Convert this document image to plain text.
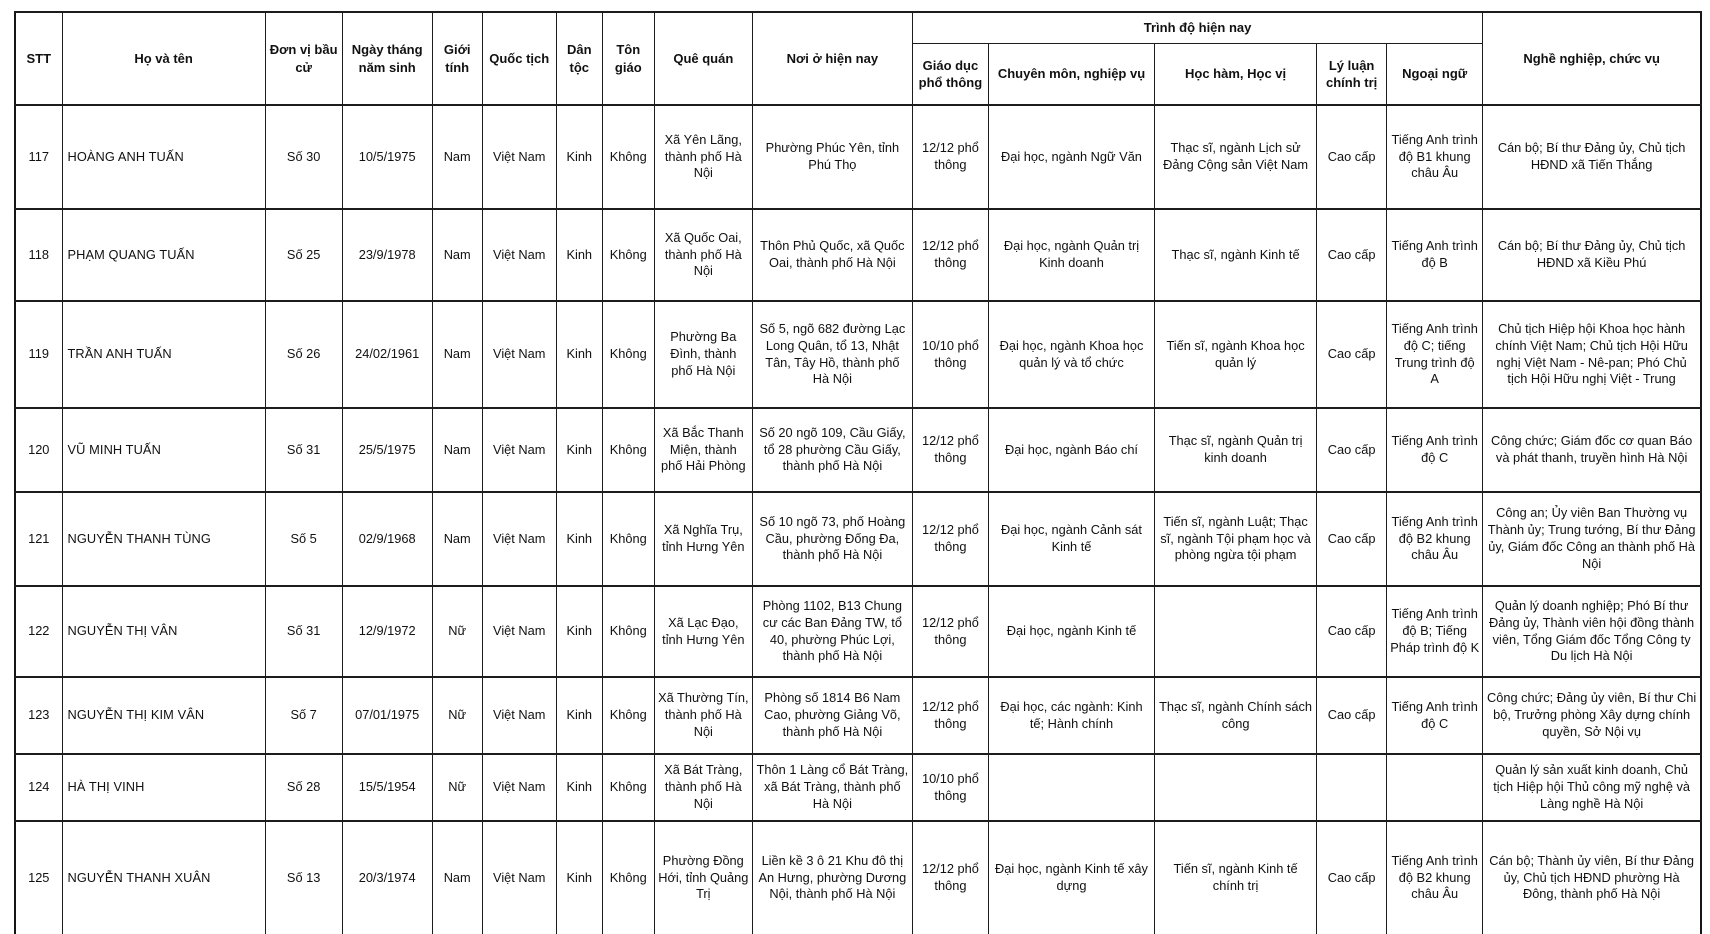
STT	Họ và tên	Đơn vị bầu cử	Ngày tháng năm sinh	Giới tính	Quốc tịch	Dân tộc	Tôn giáo	Quê quán	Nơi ở hiện nay	Trình độ hiện nay					Nghề nghiệp, chức vụ
										Giáo dục phổ thông	Chuyên môn, nghiệp vụ	Học hàm, Học vị	Lý luận chính trị	Ngoại ngữ	
117	HOÀNG ANH TUẤN	Số 30	10/5/1975	Nam	Việt Nam	Kinh	Không	Xã Yên Lãng, thành phố Hà Nội	Phường Phúc Yên, tỉnh Phú Thọ	12/12 phổ thông	Đại học, ngành Ngữ Văn	Thạc sĩ, ngành Lịch sử Đảng Cộng sản Việt Nam	Cao cấp	Tiếng Anh trình độ B1 khung châu Âu	Cán bộ; Bí thư Đảng ủy, Chủ tịch HĐND xã Tiến Thắng
118	PHẠM QUANG TUẤN	Số 25	23/9/1978	Nam	Việt Nam	Kinh	Không	Xã Quốc Oai, thành phố Hà Nội	Thôn Phủ Quốc, xã Quốc Oai, thành phố Hà Nội	12/12 phổ thông	Đại học, ngành Quản trị Kinh doanh	Thạc sĩ, ngành Kinh tế	Cao cấp	Tiếng Anh trình độ B	Cán bộ; Bí thư Đảng ủy, Chủ tịch HĐND xã Kiều Phú
119	TRẦN ANH TUẤN	Số 26	24/02/1961	Nam	Việt Nam	Kinh	Không	Phường Ba Đình, thành phố Hà Nội	Số 5, ngõ 682 đường Lạc Long Quân, tổ 13, Nhật Tân, Tây Hồ, thành phố Hà Nội	10/10 phổ thông	Đại học, ngành Khoa học quản lý và tổ chức	Tiến sĩ, ngành Khoa học quản lý	Cao cấp	Tiếng Anh trình độ C; tiếng Trung trình độ A	Chủ tịch Hiệp hội Khoa học hành chính Việt Nam; Chủ tịch Hội Hữu nghị Việt Nam - Nê-pan; Phó Chủ tịch Hội Hữu nghị Việt - Trung
120	VŨ MINH TUẤN	Số 31	25/5/1975	Nam	Việt Nam	Kinh	Không	Xã Bắc Thanh Miện, thành phố Hải Phòng	Số 20 ngõ 109, Cầu Giấy, tổ 28 phường Cầu Giấy, thành phố Hà Nội	12/12 phổ thông	Đại học, ngành Báo chí	Thạc sĩ, ngành Quản trị kinh doanh	Cao cấp	Tiếng Anh trình độ C	Công chức; Giám đốc cơ quan Báo và phát thanh, truyền hình Hà Nội
121	NGUYỄN THANH TÙNG	Số 5	02/9/1968	Nam	Việt Nam	Kinh	Không	Xã Nghĩa Trụ, tỉnh Hưng Yên	Số 10 ngõ 73, phố Hoàng Cầu, phường Đống Đa, thành phố Hà Nội	12/12 phổ thông	Đại học, ngành Cảnh sát Kinh tế	Tiến sĩ, ngành Luật; Thạc sĩ, ngành Tội phạm học và phòng ngừa tội phạm	Cao cấp	Tiếng Anh trình độ B2 khung châu Âu	Công an; Ủy viên Ban Thường vụ Thành ủy; Trung tướng, Bí thư Đảng ủy, Giám đốc Công an thành phố Hà Nội
122	NGUYỄN THỊ VÂN	Số 31	12/9/1972	Nữ	Việt Nam	Kinh	Không	Xã Lạc Đạo, tỉnh Hưng Yên	Phòng 1102, B13 Chung cư các Ban Đảng TW, tổ 40, phường Phúc Lợi, thành phố Hà Nội	12/12 phổ thông	Đại học, ngành Kinh tế		Cao cấp	Tiếng Anh trình độ B; Tiếng Pháp trình độ K	Quản lý doanh nghiệp; Phó Bí thư Đảng ủy, Thành viên hội đồng thành viên, Tổng Giám đốc Tổng Công ty Du lịch Hà Nội
123	NGUYỄN THỊ KIM VÂN	Số 7	07/01/1975	Nữ	Việt Nam	Kinh	Không	Xã Thường Tín, thành phố Hà Nội	Phòng số 1814 B6 Nam Cao, phường Giảng Võ, thành phố Hà Nội	12/12 phổ thông	Đại học, các ngành: Kinh tế; Hành chính	Thạc sĩ, ngành Chính sách công	Cao cấp	Tiếng Anh trình độ C	Công chức; Đảng ủy viên, Bí thư Chi bộ, Trưởng phòng Xây dựng chính quyền, Sở Nội vụ
124	HÀ THỊ VINH	Số 28	15/5/1954	Nữ	Việt Nam	Kinh	Không	Xã Bát Tràng, thành phố Hà Nội	Thôn 1 Làng cổ Bát Tràng, xã Bát Tràng, thành phố Hà Nội	10/10 phổ thông					Quản lý sản xuất kinh doanh, Chủ tịch Hiệp hội Thủ công mỹ nghệ và Làng nghề Hà Nội
125	NGUYỄN THANH XUÂN	Số 13	20/3/1974	Nam	Việt Nam	Kinh	Không	Phường Đồng Hới, tỉnh Quảng Trị	Liền kề 3 ô 21 Khu đô thị An Hưng, phường Dương Nội, thành phố Hà Nội	12/12 phổ thông	Đại học, ngành Kinh tế xây dựng	Tiến sĩ, ngành Kinh tế chính trị	Cao cấp	Tiếng Anh trình độ B2 khung châu Âu	Cán bộ; Thành ủy viên, Bí thư Đảng ủy, Chủ tịch HĐND phường Hà Đông, thành phố Hà Nội
